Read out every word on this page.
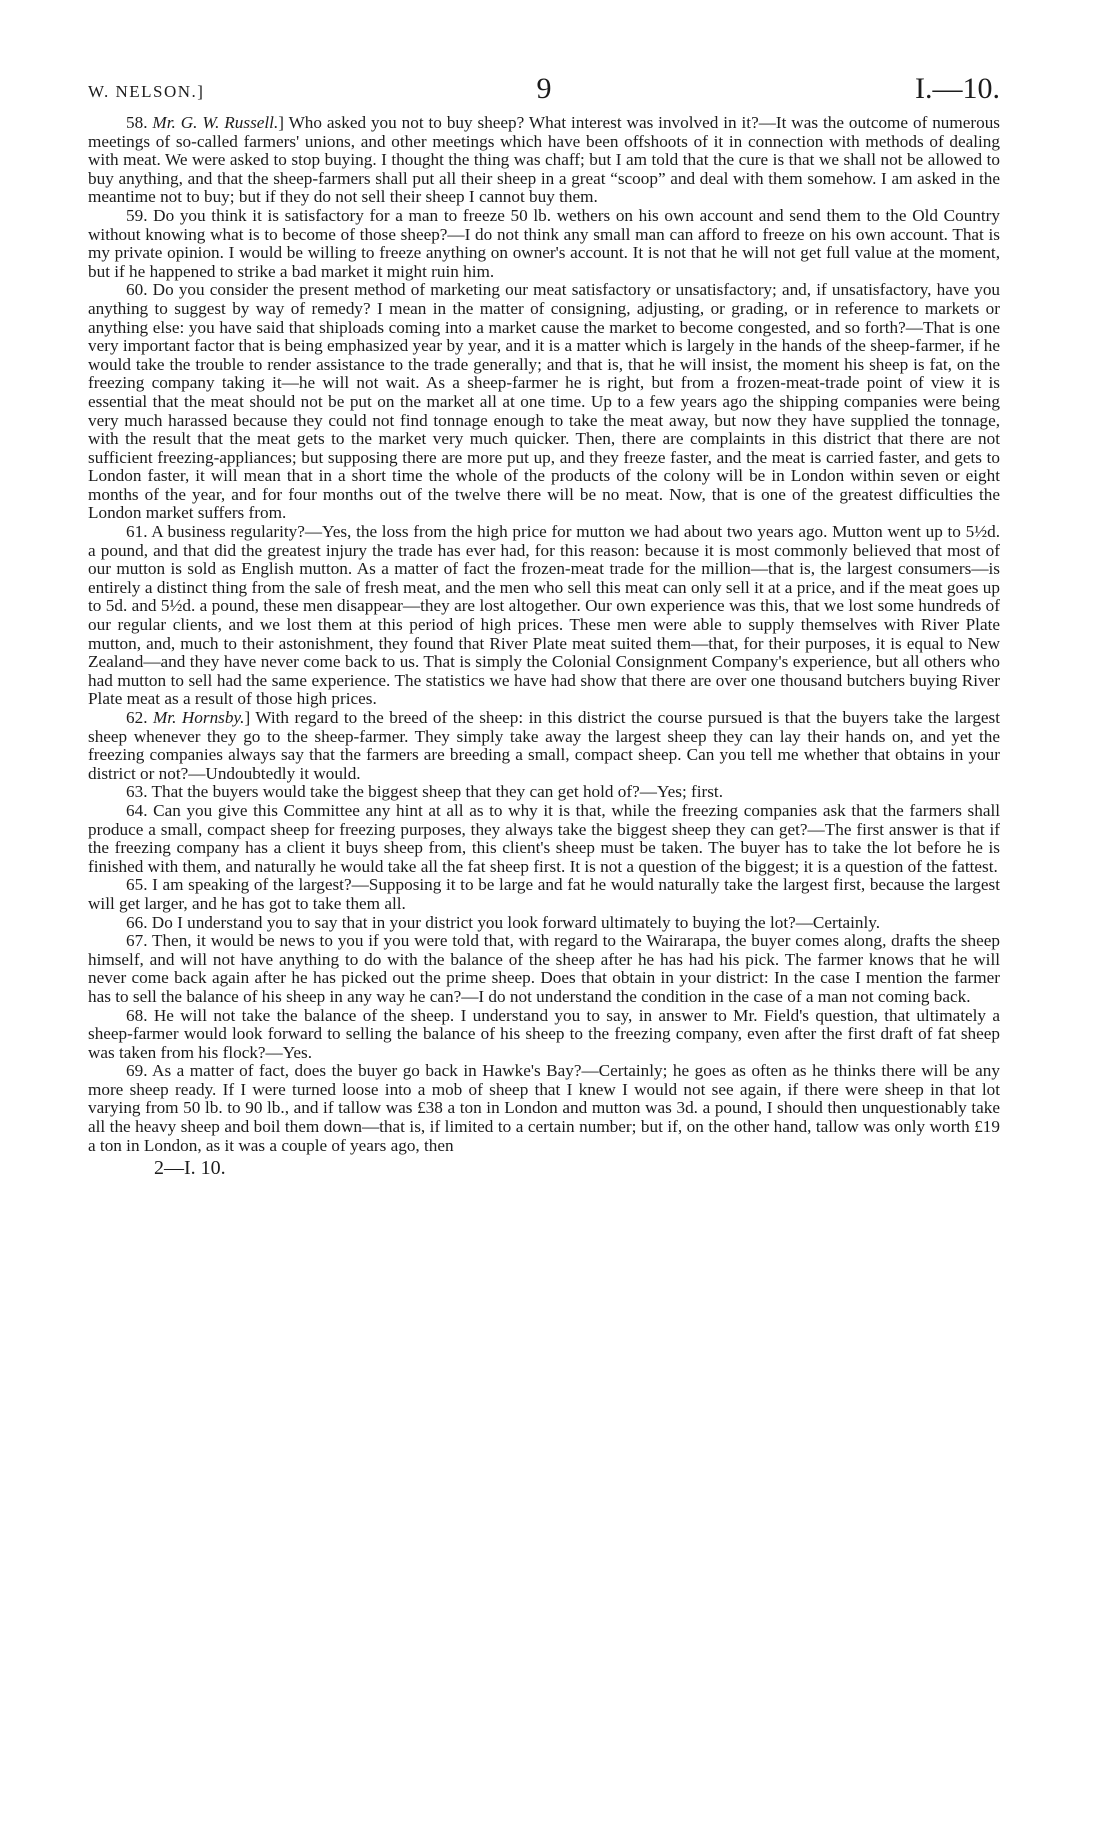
W. NELSON.]	9	I.—10.

58. Mr. G. W. Russell.] Who asked you not to buy sheep? What interest was involved in it?—It was the outcome of numerous meetings of so-called farmers' unions, and other meetings which have been offshoots of it in connection with methods of dealing with meat. We were asked to stop buying. I thought the thing was chaff; but I am told that the cure is that we shall not be allowed to buy anything, and that the sheep-farmers shall put all their sheep in a great “scoop” and deal with them somehow. I am asked in the meantime not to buy; but if they do not sell their sheep I cannot buy them.

59. Do you think it is satisfactory for a man to freeze 50 lb. wethers on his own account and send them to the Old Country without knowing what is to become of those sheep?—I do not think any small man can afford to freeze on his own account. That is my private opinion. I would be willing to freeze anything on owner's account. It is not that he will not get full value at the moment, but if he happened to strike a bad market it might ruin him.

60. Do you consider the present method of marketing our meat satisfactory or unsatisfactory; and, if unsatisfactory, have you anything to suggest by way of remedy? I mean in the matter of consigning, adjusting, or grading, or in reference to markets or anything else: you have said that shiploads coming into a market cause the market to become congested, and so forth?—That is one very important factor that is being emphasized year by year, and it is a matter which is largely in the hands of the sheep-farmer, if he would take the trouble to render assistance to the trade generally; and that is, that he will insist, the moment his sheep is fat, on the freezing company taking it—he will not wait. As a sheep-farmer he is right, but from a frozen-meat-trade point of view it is essential that the meat should not be put on the market all at one time. Up to a few years ago the shipping companies were being very much harassed because they could not find tonnage enough to take the meat away, but now they have supplied the tonnage, with the result that the meat gets to the market very much quicker. Then, there are complaints in this district that there are not sufficient freezing-appliances; but supposing there are more put up, and they freeze faster, and the meat is carried faster, and gets to London faster, it will mean that in a short time the whole of the products of the colony will be in London within seven or eight months of the year, and for four months out of the twelve there will be no meat. Now, that is one of the greatest difficulties the London market suffers from.

61. A business regularity?—Yes, the loss from the high price for mutton we had about two years ago. Mutton went up to 5½d. a pound, and that did the greatest injury the trade has ever had, for this reason: because it is most commonly believed that most of our mutton is sold as English mutton. As a matter of fact the frozen-meat trade for the million—that is, the largest consumers—is entirely a distinct thing from the sale of fresh meat, and the men who sell this meat can only sell it at a price, and if the meat goes up to 5d. and 5½d. a pound, these men disappear—they are lost altogether. Our own experience was this, that we lost some hundreds of our regular clients, and we lost them at this period of high prices. These men were able to supply themselves with River Plate mutton, and, much to their astonishment, they found that River Plate meat suited them—that, for their purposes, it is equal to New Zealand—and they have never come back to us. That is simply the Colonial Consignment Company's experience, but all others who had mutton to sell had the same experience. The statistics we have had show that there are over one thousand butchers buying River Plate meat as a result of those high prices.

62. Mr. Hornsby.] With regard to the breed of the sheep: in this district the course pursued is that the buyers take the largest sheep whenever they go to the sheep-farmer. They simply take away the largest sheep they can lay their hands on, and yet the freezing companies always say that the farmers are breeding a small, compact sheep. Can you tell me whether that obtains in your district or not?—Undoubtedly it would.

63. That the buyers would take the biggest sheep that they can get hold of?—Yes; first.

64. Can you give this Committee any hint at all as to why it is that, while the freezing companies ask that the farmers shall produce a small, compact sheep for freezing purposes, they always take the biggest sheep they can get?—The first answer is that if the freezing company has a client it buys sheep from, this client's sheep must be taken. The buyer has to take the lot before he is finished with them, and naturally he would take all the fat sheep first. It is not a question of the biggest; it is a question of the fattest.

65. I am speaking of the largest?—Supposing it to be large and fat he would naturally take the largest first, because the largest will get larger, and he has got to take them all.

66. Do I understand you to say that in your district you look forward ultimately to buying the lot?—Certainly.

67. Then, it would be news to you if you were told that, with regard to the Wairarapa, the buyer comes along, drafts the sheep himself, and will not have anything to do with the balance of the sheep after he has had his pick. The farmer knows that he will never come back again after he has picked out the prime sheep. Does that obtain in your district: In the case I mention the farmer has to sell the balance of his sheep in any way he can?—I do not understand the condition in the case of a man not coming back.

68. He will not take the balance of the sheep. I understand you to say, in answer to Mr. Field's question, that ultimately a sheep-farmer would look forward to selling the balance of his sheep to the freezing company, even after the first draft of fat sheep was taken from his flock?—Yes.

69. As a matter of fact, does the buyer go back in Hawke's Bay?—Certainly; he goes as often as he thinks there will be any more sheep ready. If I were turned loose into a mob of sheep that I knew I would not see again, if there were sheep in that lot varying from 50 lb. to 90 lb., and if tallow was £38 a ton in London and mutton was 3d. a pound, I should then unquestionably take all the heavy sheep and boil them down—that is, if limited to a certain number; but if, on the other hand, tallow was only worth £19 a ton in London, as it was a couple of years ago, then

2—I. 10.
